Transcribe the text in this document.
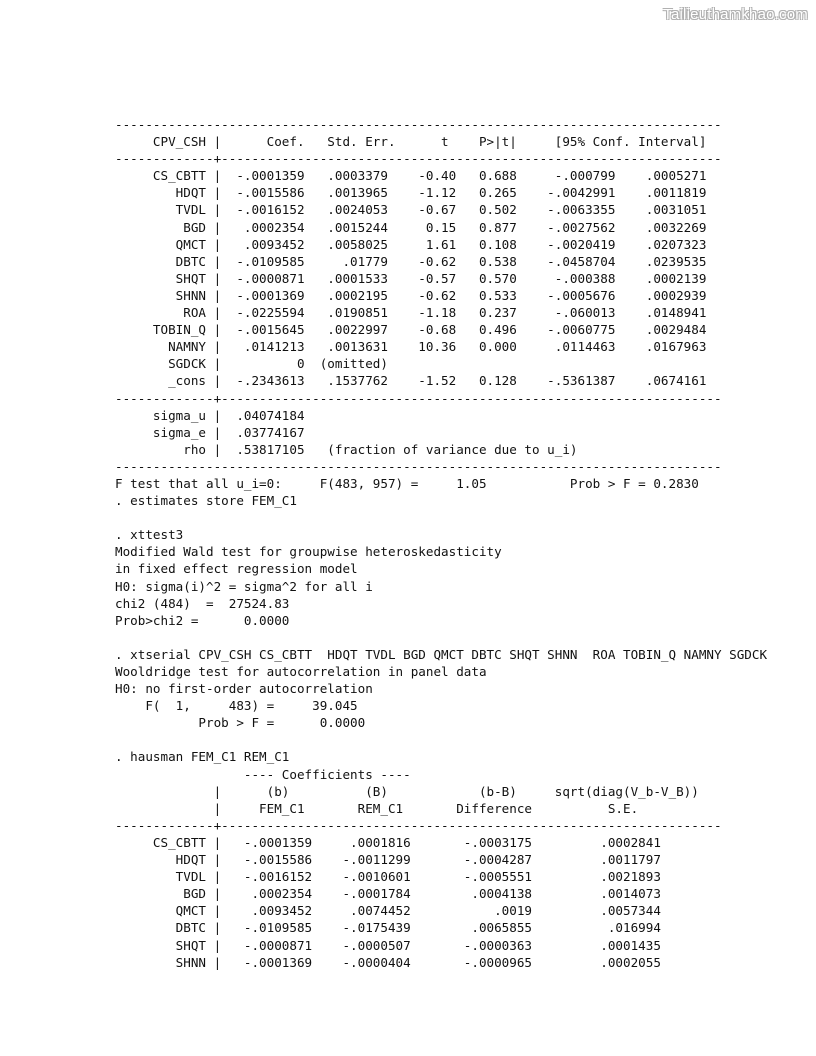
Tailieuthamkhao.com
--------------------------------------------------------------------------------
CPV_CSH |      Coef.   Std. Err.      t    P>|t|     [95% Conf. Interval]
-------------+------------------------------------------------------------------
CS_CBTT |  -.0001359   .0003379    -0.40   0.688     -.000799    .0005271
HDQT |  -.0015586   .0013965    -1.12   0.265    -.0042991    .0011819
TVDL |  -.0016152   .0024053    -0.67   0.502    -.0063355    .0031051
BGD |   .0002354   .0015244     0.15   0.877    -.0027562    .0032269
QMCT |   .0093452   .0058025     1.61   0.108    -.0020419    .0207323
DBTC |  -.0109585     .01779    -0.62   0.538    -.0458704    .0239535
SHQT |  -.0000871   .0001533    -0.57   0.570     -.000388    .0002139
SHNN |  -.0001369   .0002195    -0.62   0.533    -.0005676    .0002939
ROA |  -.0225594   .0190851    -1.18   0.237     -.060013    .0148941
TOBIN_Q |  -.0015645   .0022997    -0.68   0.496    -.0060775    .0029484
NAMNY |   .0141213   .0013631    10.36   0.000     .0114463    .0167963
SGDCK |          0  (omitted)
_cons |  -.2343613   .1537762    -1.52   0.128    -.5361387    .0674161
-------------+------------------------------------------------------------------
sigma_u |  .04074184
sigma_e |  .03774167
rho |  .53817105   (fraction of variance due to u_i)
--------------------------------------------------------------------------------
F test that all u_i=0:     F(483, 957) =     1.05           Prob > F = 0.2830
. estimates store FEM_C1
. xttest3
Modified Wald test for groupwise heteroskedasticity
in fixed effect regression model
H0: sigma(i)^2 = sigma^2 for all i
chi2 (484)  =  27524.83
Prob>chi2 =      0.0000
. xtserial CPV_CSH CS_CBTT  HDQT TVDL BGD QMCT DBTC SHQT SHNN  ROA TOBIN_Q NAMNY SGDCK
Wooldridge test for autocorrelation in panel data
H0: no first-order autocorrelation
F(  1,     483) =     39.045
Prob > F =      0.0000
. hausman FEM_C1 REM_C1
---- Coefficients ----
|      (b)          (B)            (b-B)     sqrt(diag(V_b-V_B))
|     FEM_C1       REM_C1       Difference          S.E.
-------------+------------------------------------------------------------------
CS_CBTT |   -.0001359     .0001816       -.0003175         .0002841
HDQT |   -.0015586    -.0011299       -.0004287         .0011797
TVDL |   -.0016152    -.0010601       -.0005551         .0021893
BGD |    .0002354    -.0001784        .0004138         .0014073
QMCT |    .0093452     .0074452           .0019         .0057344
DBTC |   -.0109585    -.0175439        .0065855          .016994
SHQT |   -.0000871    -.0000507       -.0000363         .0001435
SHNN |   -.0001369    -.0000404       -.0000965         .0002055
